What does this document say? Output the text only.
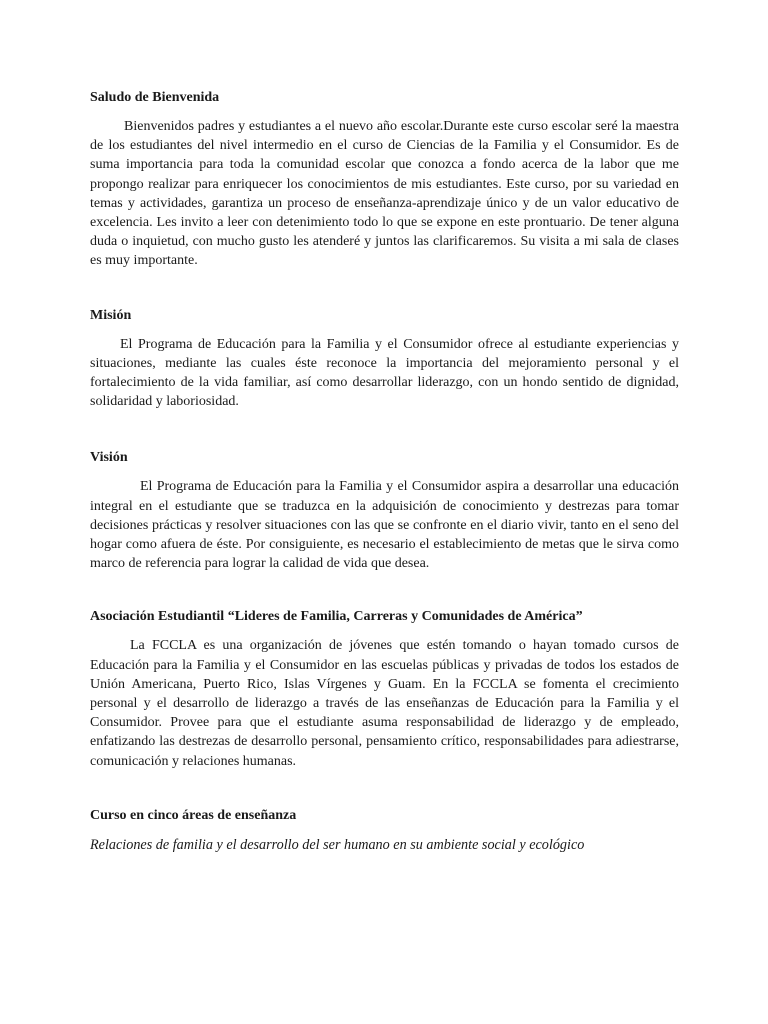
Saludo de Bienvenida

Bienvenidos padres y estudiantes a el nuevo año escolar.Durante este curso escolar seré la maestra de los estudiantes del nivel intermedio en el curso de Ciencias de la Familia y el Consumidor. Es de suma importancia para toda la comunidad escolar que conozca a fondo acerca de la labor que me propongo realizar para enriquecer los conocimientos de mis estudiantes. Este curso, por su variedad en temas y actividades, garantiza un proceso de enseñanza-aprendizaje único y de un valor educativo de excelencia. Les invito a leer con detenimiento todo lo que se expone en este prontuario. De tener alguna duda o inquietud, con mucho gusto les atenderé y juntos las clarificaremos. Su visita a mi sala de clases es muy importante.

Misión

El Programa de Educación para la Familia y el Consumidor ofrece al estudiante experiencias y situaciones, mediante las cuales éste reconoce la importancia del mejoramiento personal y el fortalecimiento de la vida familiar, así como desarrollar liderazgo, con un hondo sentido de dignidad, solidaridad y laboriosidad.

Visión

El Programa de Educación para la Familia y el Consumidor aspira a desarrollar una educación integral en el estudiante que se traduzca en la adquisición de conocimiento y destrezas para tomar decisiones prácticas y resolver situaciones con las que se confronte en el diario vivir, tanto en el seno del hogar como afuera de éste. Por consiguiente, es necesario el establecimiento de metas que le sirva como marco de referencia para lograr la calidad de vida que desea.

Asociación Estudiantil “Lideres de Familia, Carreras y Comunidades de América”

La FCCLA es una organización de jóvenes que estén tomando o hayan tomado cursos de Educación para la Familia y el Consumidor en las escuelas públicas y privadas de todos los estados de Unión Americana, Puerto Rico, Islas Vírgenes y Guam. En la FCCLA se fomenta el crecimiento personal y el desarrollo de liderazgo a través de las enseñanzas de Educación para la Familia y el Consumidor. Provee para que el estudiante asuma responsabilidad de liderazgo y de empleado, enfatizando las destrezas de desarrollo personal, pensamiento crítico, responsabilidades para adiestrarse, comunicación y relaciones humanas.

Curso en cinco áreas de enseñanza

Relaciones de familia y el desarrollo del ser humano en su ambiente social y ecológico
